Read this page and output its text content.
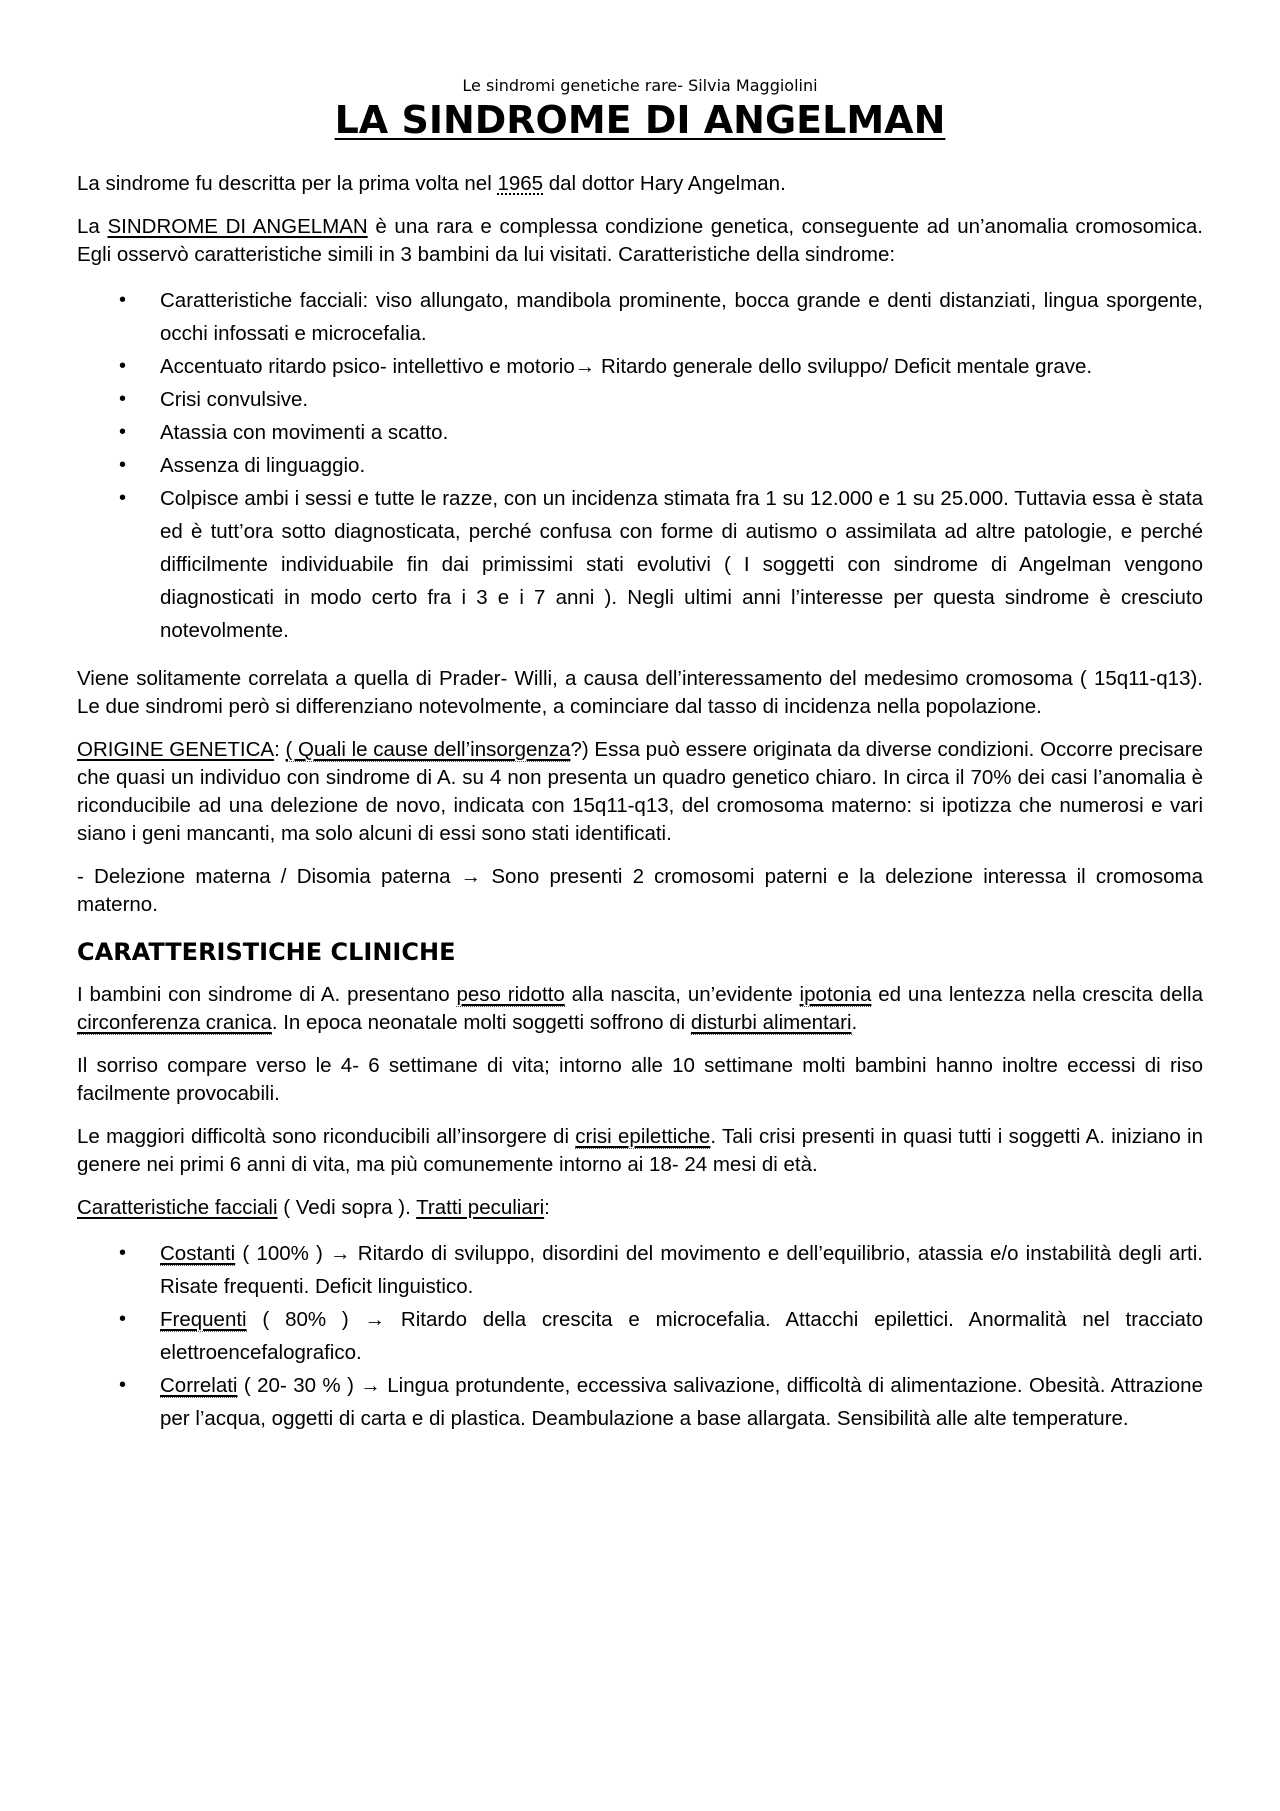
Le sindromi genetiche rare- Silvia Maggiolini
LA SINDROME DI ANGELMAN

La sindrome fu descritta per la prima volta nel 1965 dal dottor Hary Angelman.

La SINDROME DI ANGELMAN è una rara e complessa condizione genetica, conseguente ad un’anomalia cromosomica. Egli osservò caratteristiche simili in 3 bambini da lui visitati. Caratteristiche della sindrome:

• Caratteristiche facciali: viso allungato, mandibola prominente, bocca grande e denti distanziati, lingua sporgente, occhi infossati e microcefalia.
• Accentuato ritardo psico- intellettivo e motorio→ Ritardo generale dello sviluppo/ Deficit mentale grave.
• Crisi convulsive.
• Atassia con movimenti a scatto.
• Assenza di linguaggio.
• Colpisce ambi i sessi e tutte le razze, con un incidenza stimata fra 1 su 12.000 e 1 su 25.000. Tuttavia essa è stata ed è tutt’ora sotto diagnosticata, perché confusa con forme di autismo o assimilata ad altre patologie, e perché difficilmente individuabile fin dai primissimi stati evolutivi ( I soggetti con sindrome di Angelman vengono diagnosticati in modo certo fra i 3 e i 7 anni ). Negli ultimi anni l’interesse per questa sindrome è cresciuto notevolmente.

Viene solitamente correlata a quella di Prader- Willi, a causa dell’interessamento del medesimo cromosoma ( 15q11-q13). Le due sindromi però si differenziano notevolmente, a cominciare dal tasso di incidenza nella popolazione.

ORIGINE GENETICA: ( Quali le cause dell’insorgenza?) Essa può essere originata da diverse condizioni. Occorre precisare che quasi un individuo con sindrome di A. su 4 non presenta un quadro genetico chiaro. In circa il 70% dei casi l’anomalia è riconducibile ad una delezione de novo, indicata con 15q11-q13, del cromosoma materno: si ipotizza che numerosi e vari siano i geni mancanti, ma solo alcuni di essi sono stati identificati.

- Delezione materna / Disomia paterna → Sono presenti 2 cromosomi paterni e la delezione interessa il cromosoma materno.

CARATTERISTICHE CLINICHE

I bambini con sindrome di A. presentano peso ridotto alla nascita, un’evidente ipotonia ed una lentezza nella crescita della circonferenza cranica. In epoca neonatale molti soggetti soffrono di disturbi alimentari.

Il sorriso compare verso le 4- 6 settimane di vita; intorno alle 10 settimane molti bambini hanno inoltre eccessi di riso facilmente provocabili.

Le maggiori difficoltà sono riconducibili all’insorgere di crisi epilettiche. Tali crisi presenti in quasi tutti i soggetti A. iniziano in genere nei primi 6 anni di vita, ma più comunemente intorno ai 18- 24 mesi di età.

Caratteristiche facciali ( Vedi sopra ). Tratti peculiari:

• Costanti ( 100% ) → Ritardo di sviluppo, disordini del movimento e dell’equilibrio, atassia e/o instabilità degli arti. Risate frequenti. Deficit linguistico.
• Frequenti ( 80% ) → Ritardo della crescita e microcefalia. Attacchi epilettici. Anormalità nel tracciato elettroencefalografico.
• Correlati ( 20- 30 % ) → Lingua protundente, eccessiva salivazione, difficoltà di alimentazione. Obesità. Attrazione per l’acqua, oggetti di carta e di plastica. Deambulazione a base allargata. Sensibilità alle alte temperature.
